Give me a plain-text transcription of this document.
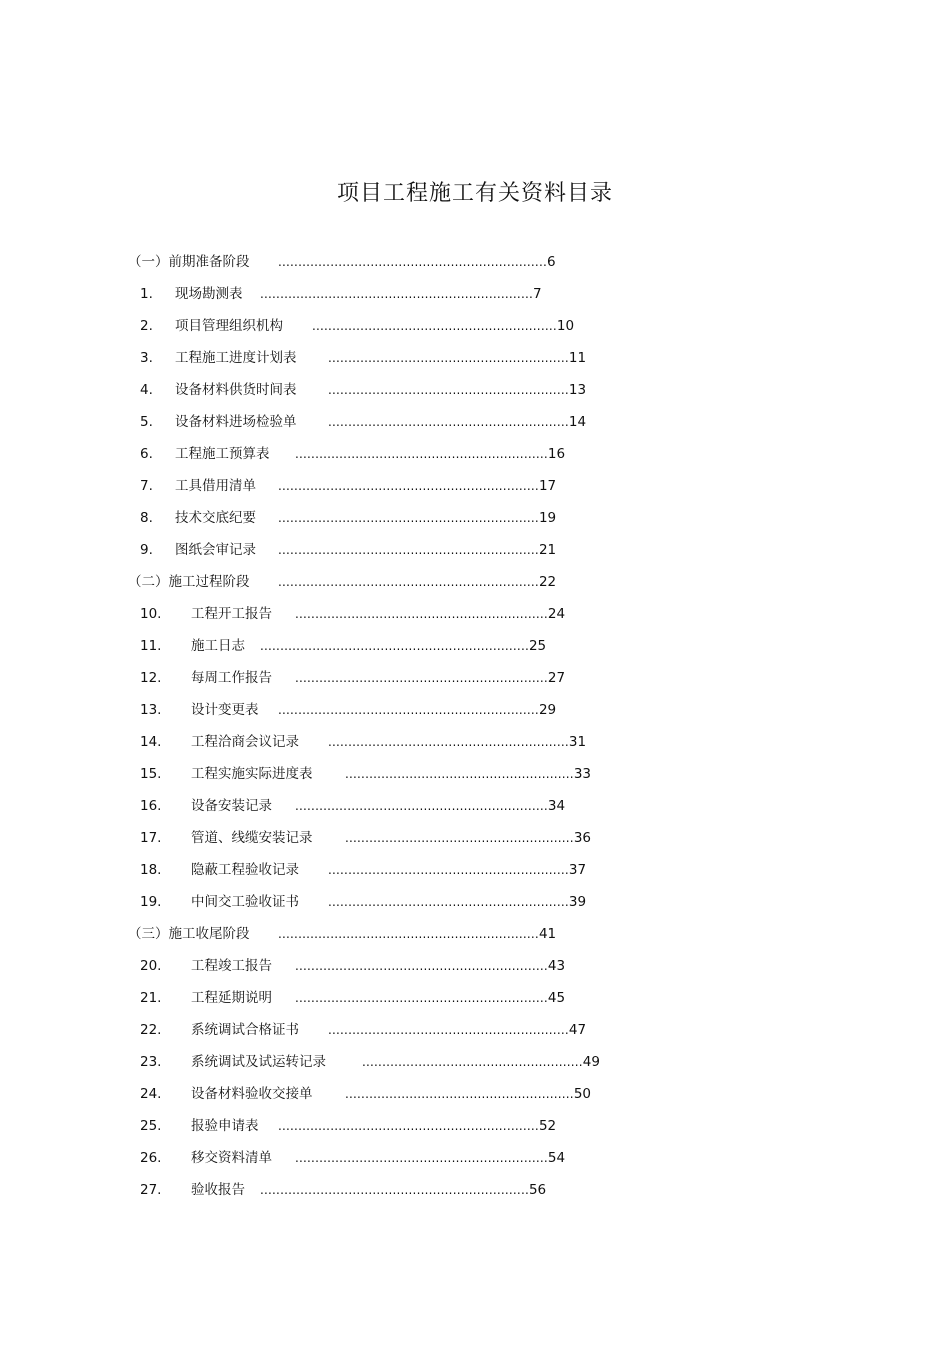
项目工程施工有关资料目录
（一）前期准备阶段 ...................................................................6
1.	现场勘测表 ....................................................................7
2.	项目管理组织机构 .............................................................10
3.	工程施工进度计划表	............................................................11
4.	设备材料供货时间表	............................................................13
5.	设备材料进场检验单	............................................................14
6.	工程施工预算表 ...............................................................16
7.	工具借用清单 .................................................................17
8.	技术交底纪要 .................................................................19
9.	图纸会审记录 .................................................................21
（二）施工过程阶段 .................................................................22
10.	工程开工报告 ...............................................................24
11.	施工日志 ...................................................................25
12.	每周工作报告 ...............................................................27
13.	设计变更表 .................................................................29
14.	工程洽商会议记录 ............................................................31
15.	工程实施实际进度表	.........................................................33
16.	设备安装记录 ...............................................................34
17.	管道、线缆安装记录	.........................................................36
18.	隐蔽工程验收记录 ............................................................37
19.	中间交工验收证书 ............................................................39
（三）施工收尾阶段 .................................................................41
20.	工程竣工报告 ...............................................................43
21.	工程延期说明 ...............................................................45
22.	系统调试合格证书 ............................................................47
23.	系统调试及试运转记录	.......................................................49
24.	设备材料验收交接单	.........................................................50
25.	报验申请表 .................................................................52
26.	移交资料清单 ...............................................................54
27.	验收报告 ...................................................................56
